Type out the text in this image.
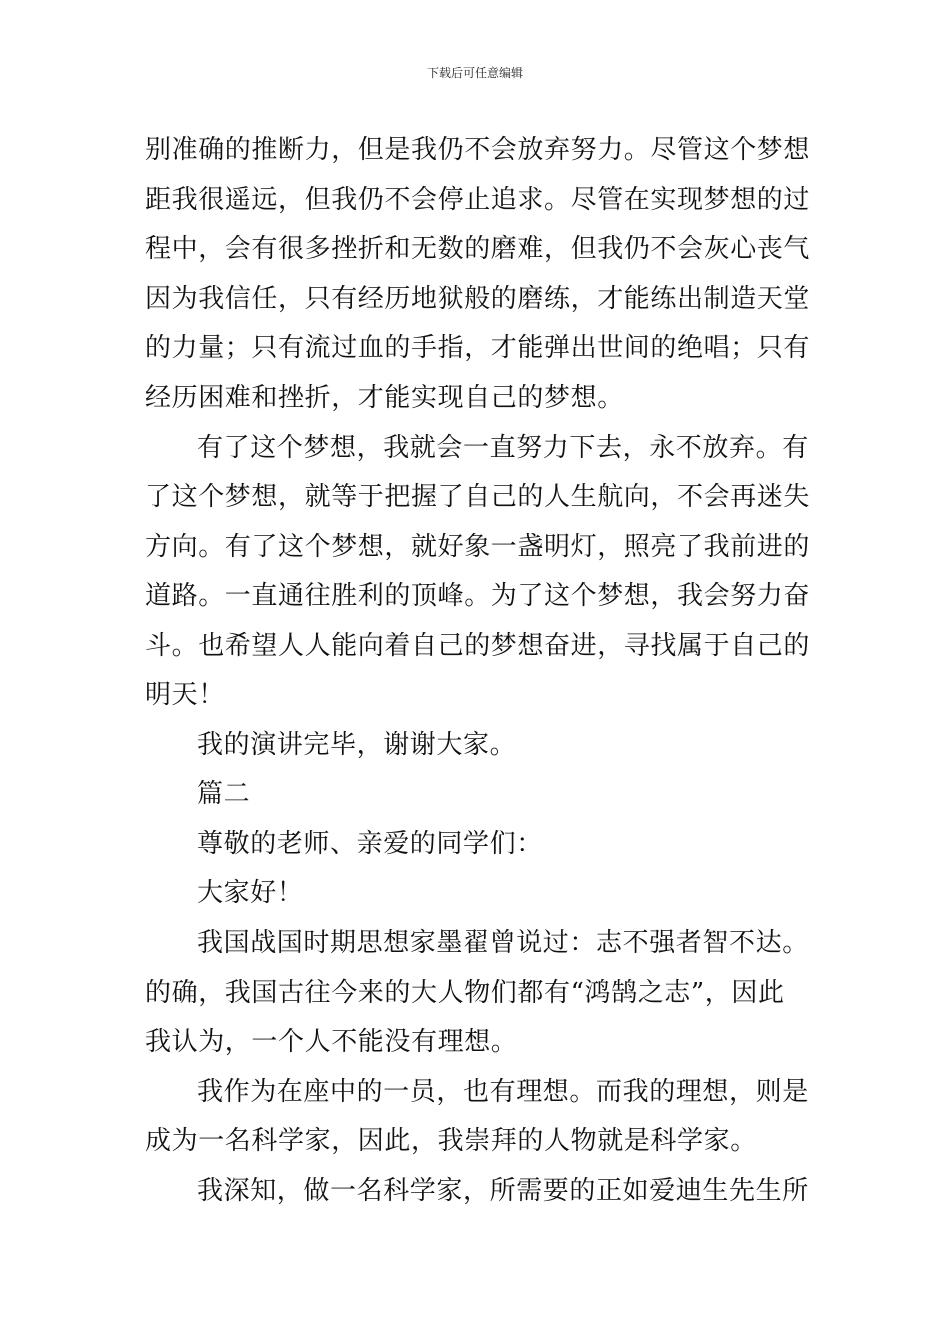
下载后可任意编辑
别准确的推断力，但是我仍不会放弃努力。尽管这个梦想
距我很遥远，但我仍不会停止追求。尽管在实现梦想的过
程中，会有很多挫折和无数的磨难，但我仍不会灰心丧气
因为我信任，只有经历地狱般的磨练，才能练出制造天堂
的力量；只有流过血的手指，才能弹出世间的绝唱；只有
经历困难和挫折，才能实现自己的梦想。
有了这个梦想，我就会一直努力下去，永不放弃。有
了这个梦想，就等于把握了自己的人生航向，不会再迷失
方向。有了这个梦想，就好象一盏明灯，照亮了我前进的
道路。一直通往胜利的顶峰。为了这个梦想，我会努力奋
斗。也希望人人能向着自己的梦想奋进，寻找属于自己的
明天！
我的演讲完毕，谢谢大家。
篇二
尊敬的老师、亲爱的同学们：
大家好！
我国战国时期思想家墨翟曾说过：志不强者智不达。
的确，我国古往今来的大人物们都有“鸿鹄之志”，因此
我认为，一个人不能没有理想。
我作为在座中的一员，也有理想。而我的理想，则是
成为一名科学家，因此，我崇拜的人物就是科学家。
我深知，做一名科学家，所需要的正如爱迪生先生所
